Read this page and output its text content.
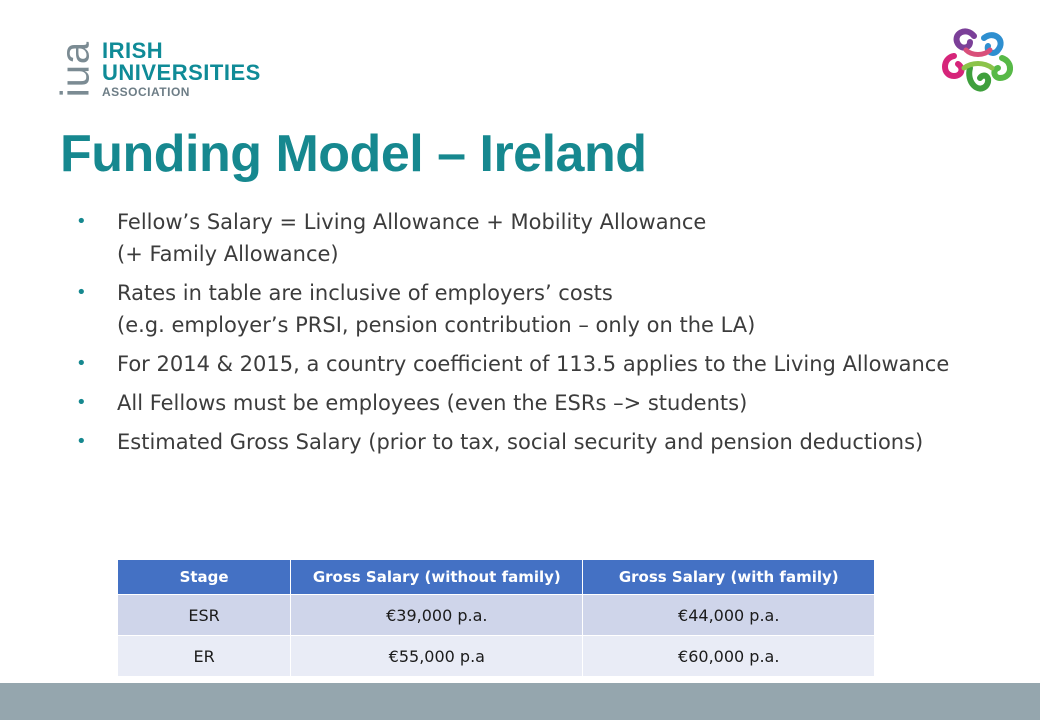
iua IRISH
UNIVERSITIES
ASSOCIATION
Funding Model – Ireland
• Fellow’s Salary = Living Allowance + Mobility Allowance
(+ Family Allowance)
• Rates in table are inclusive of employers’ costs
(e.g. employer’s PRSI, pension contribution – only on the LA)
• For 2014 & 2015, a country coefficient of 113.5 applies to the Living Allowance
• All Fellows must be employees (even the ESRs –> students)
• Estimated Gross Salary (prior to tax, social security and pension deductions)
Stage	Gross Salary (without family)	Gross Salary (with family)
ESR	€39,000 p.a.	€44,000 p.a.
ER	€55,000 p.a	€60,000 p.a.
